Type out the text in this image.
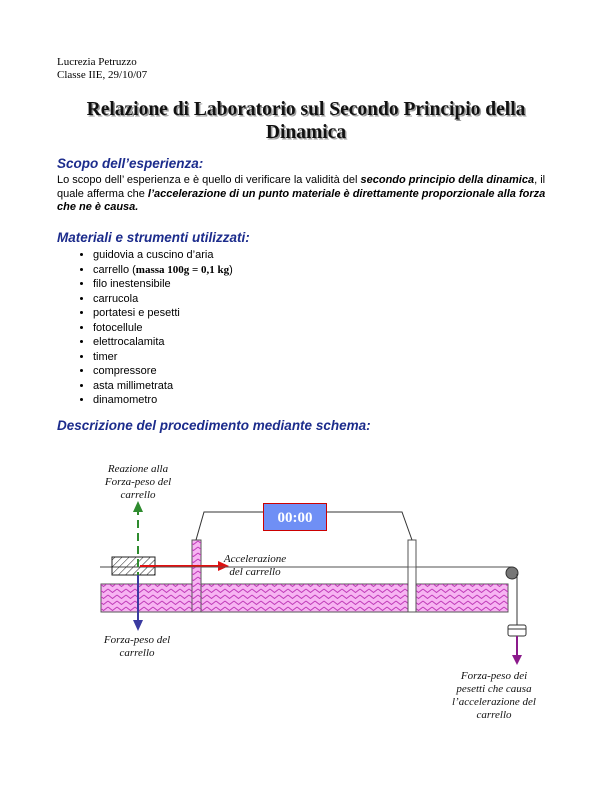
Lucrezia Petruzzo
Classe IIE, 29/10/07
Relazione di Laboratorio sul Secondo Principio della
Dinamica
Scopo dell’esperienza:
Lo scopo dell’ esperienza e è quello di verificare la validità del secondo principio della dinamica, il quale afferma che l’accelerazione di un punto materiale è direttamente proporzionale alla forza che ne è causa.
Materiali e strumenti utilizzati:
• guidovia a cuscino d’aria
• carrello (massa 100g = 0,1 kg)
• filo inestensibile
• carrucola
• portatesi e pesetti
• fotocellule
• elettrocalamita
• timer
• compressore
• asta millimetrata
• dinamometro
Descrizione del procedimento mediante schema:
00:00
Reazione alla Forza-peso del carrello
Accelerazione del carrello
Forza-peso del carrello
Forza-peso dei pesetti che causa l’accelerazione del carrello
